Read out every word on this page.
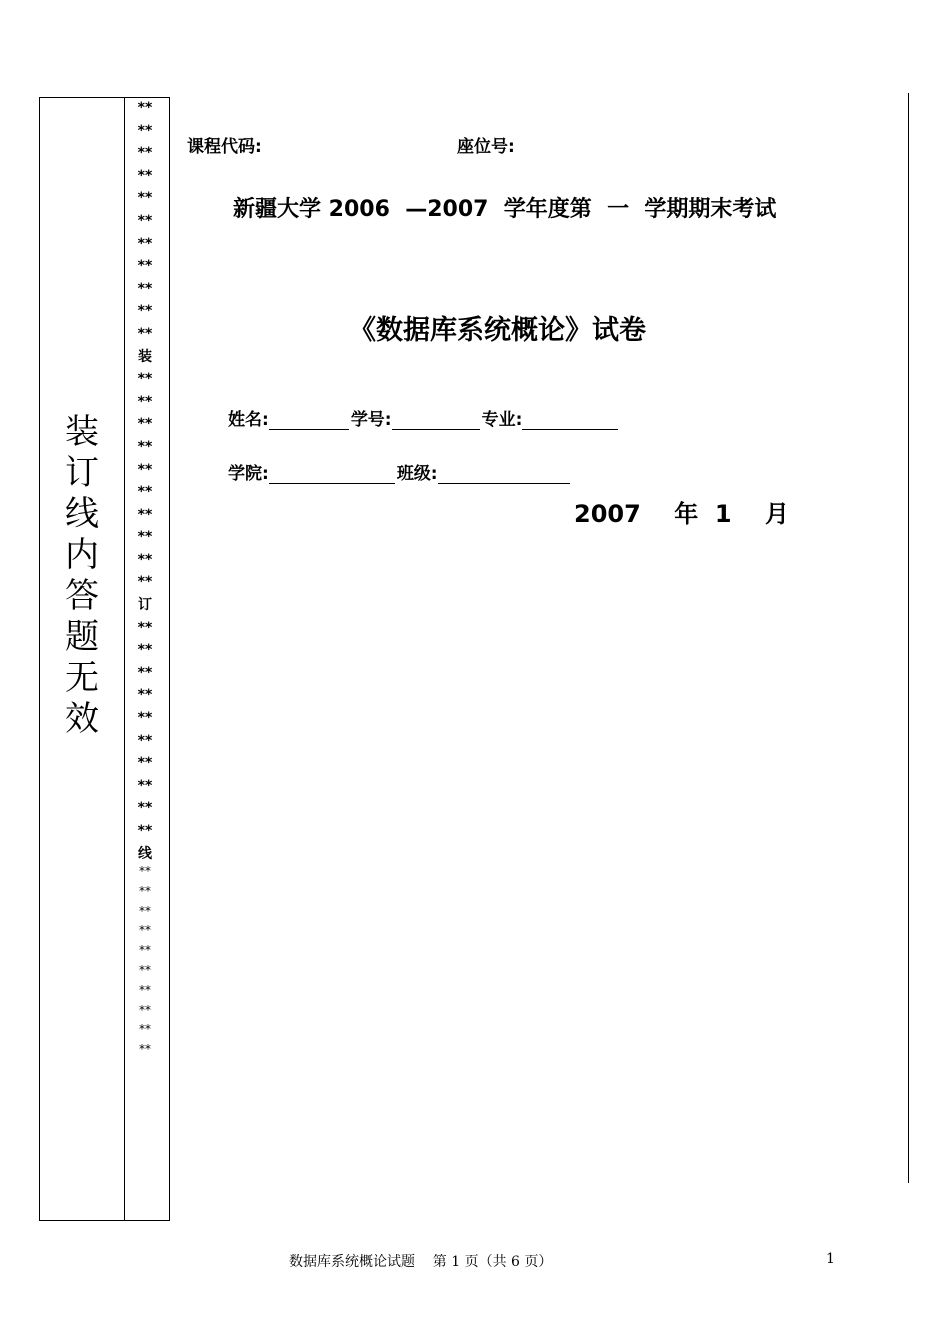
装
订
线
内
答
题
无
效
**
**
**
**
**
**
**
**
**
**
**
装
**
**
**
**
**
**
**
**
**
**
订
**
**
**
**
**
**
**
**
**
**
线
**
**
**
**
**
**
**
**
**
**
课程代码:	座位号:
新疆大学 2006  —2007  学年度第  一  学期期末考试
《数据库系统概论》试卷
姓名:	学号:	专业:
学院:	班级:
2007    年  1    月
数据库系统概论试题    第 1 页（共 6 页）	1
